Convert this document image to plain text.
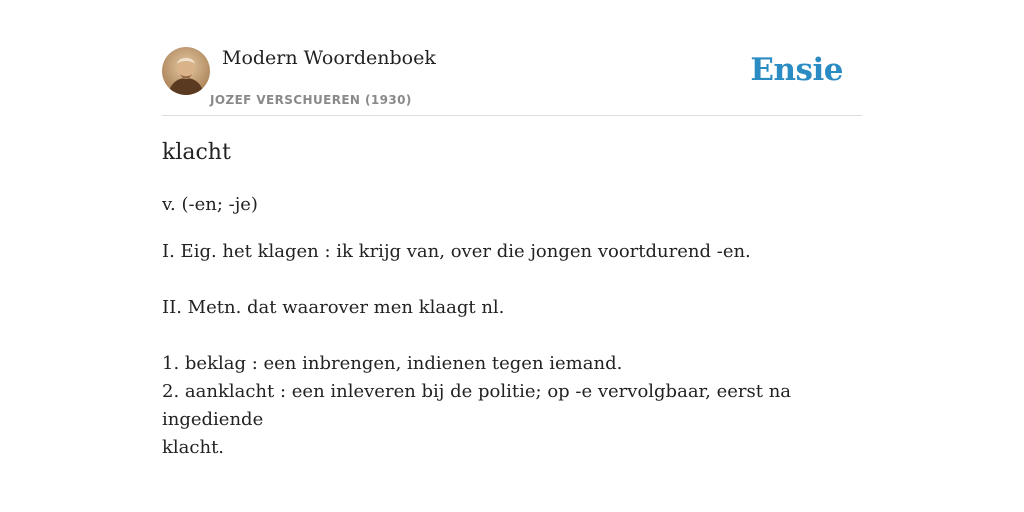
Modern Woordenboek
JOZEF VERSCHUEREN (1930)
Ensie
klacht
v. (-en; -je)
I. Eig. het klagen : ik krijg van, over die jongen voortdurend -en.
II. Metn. dat waarover men klaagt nl.
1. beklag : een inbrengen, indienen tegen iemand.
2. aanklacht : een inleveren bij de politie; op -e vervolgbaar, eerst na ingediende
klacht.
